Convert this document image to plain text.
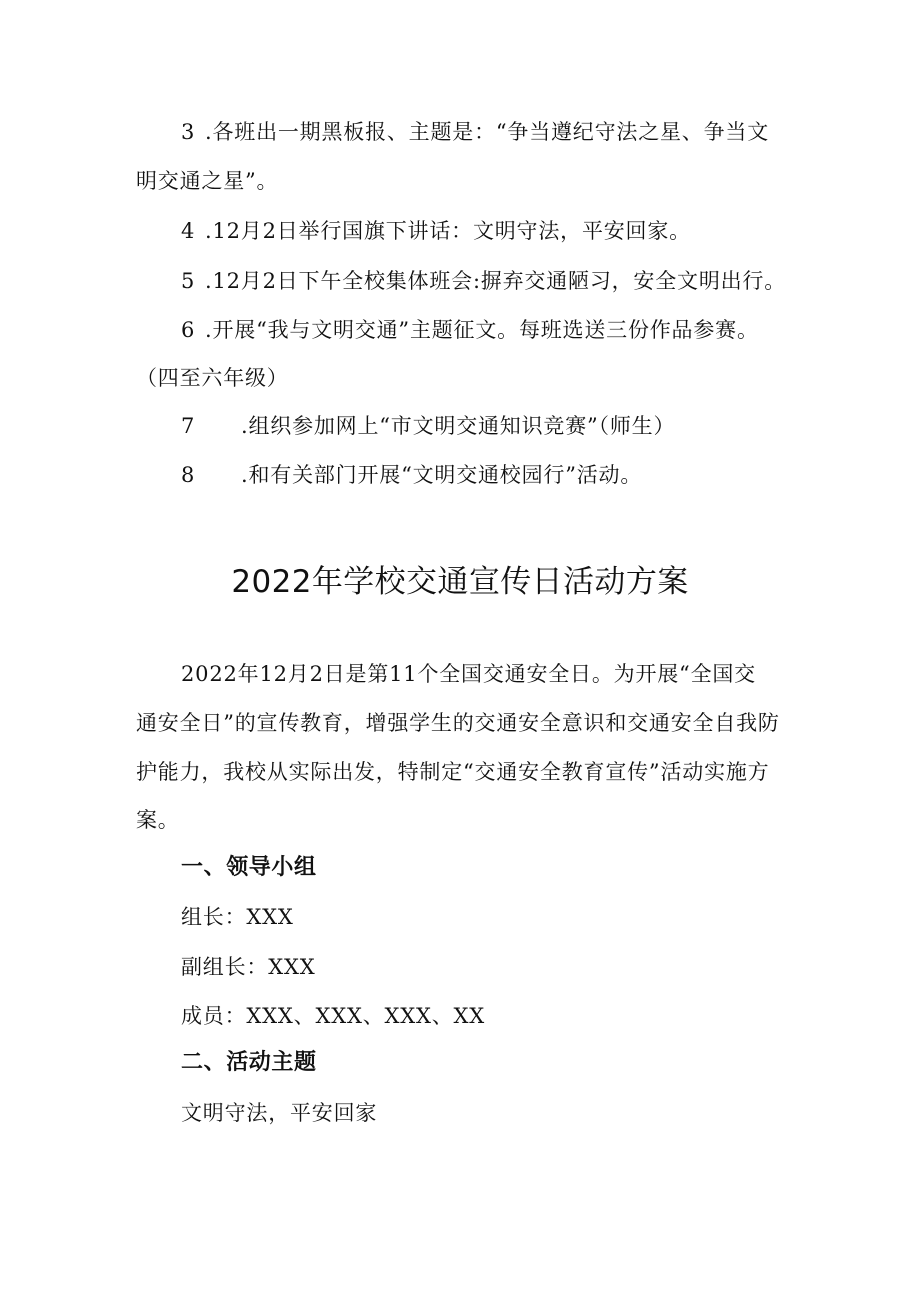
3 .各班出一期黑板报、主题是：“争当遵纪守法之星、争当文
明交通之星”。
4 .12月2日举行国旗下讲话：文明守法，平安回家。
5 .12月2日下午全校集体班会:摒弃交通陋习，安全文明出行。
6 .开展“我与文明交通”主题征文。每班选送三份作品参赛。
（四至六年级）
7 .组织参加网上“市文明交通知识竞赛”（师生）
8 .和有关部门开展“文明交通校园行”活动。
2022年学校交通宣传日活动方案
2022年12月2日是第11个全国交通安全日。为开展“全国交
通安全日”的宣传教育，增强学生的交通安全意识和交通安全自我防
护能力，我校从实际出发，特制定“交通安全教育宣传”活动实施方
案。
一、领导小组
组长：XXX
副组长：XXX
成员：XXX、XXX、XXX、XX
二、活动主题
文明守法，平安回家
